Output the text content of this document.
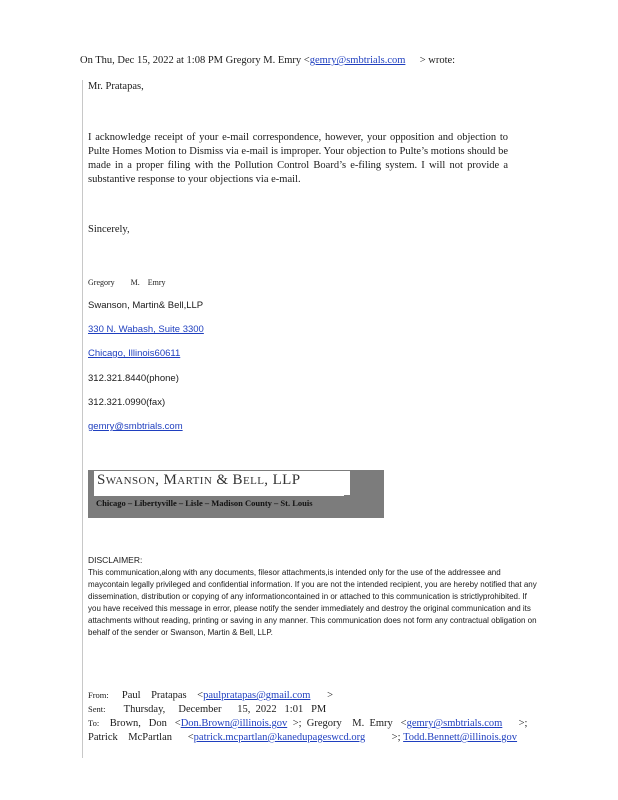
On Thu, Dec 15, 2022 at 1:08 PM Gregory M. Emry <gemry@smbtrials.com > wrote:
Mr. Pratapas,
I acknowledge receipt of your e-mail correspondence, however, your opposition and objection to Pulte Homes Motion to Dismiss via e-mail is improper. Your objection to Pulte’s motions should be made in a proper filing with the Pollution Control Board’s e-filing system. I will not provide a substantive response to your objections via e-mail.
Sincerely,
Gregory        M.    Emry
Swanson, Martin& Bell,LLP
330 N. Wabash, Suite 3300
Chicago, Illinois60611
312.321.8440(phone)
312.321.0990(fax)
gemry@smbtrials.com
Swanson, Martin & Bell, LLP
Chicago – Libertyville – Lisle – Madison County – St. Louis
DISCLAIMER:
This communication,along with any documents, filesor attachments,is intended only for the use of the addressee and maycontain legally privileged and confidential information. If you are not the intended recipient, you are hereby notified that any dissemination, distribution or copying of any informationcontained in or attached to this communication is strictlyprohibited. If you have received this message in error, please notify the sender immediately and destroy the original communication and its attachments without reading, printing or saving in any manner. This communication does not form any contractual obligation on behalf of the sender or Swanson, Martin & Bell, LLP.
From: Paul    Pratapas    <paulpratapas@gmail.com >
Sent: Thursday,     December      15,  2022   1:01   PM
To: Brown,   Don   <Don.Brown@illinois.gov >;  Gregory    M.  Emry   <gemry@smbtrials.com >;
Patrick    McPartlan      <patrick.mcpartlan@kanedupageswcd.org	>; Todd.Bennett@illinois.gov
